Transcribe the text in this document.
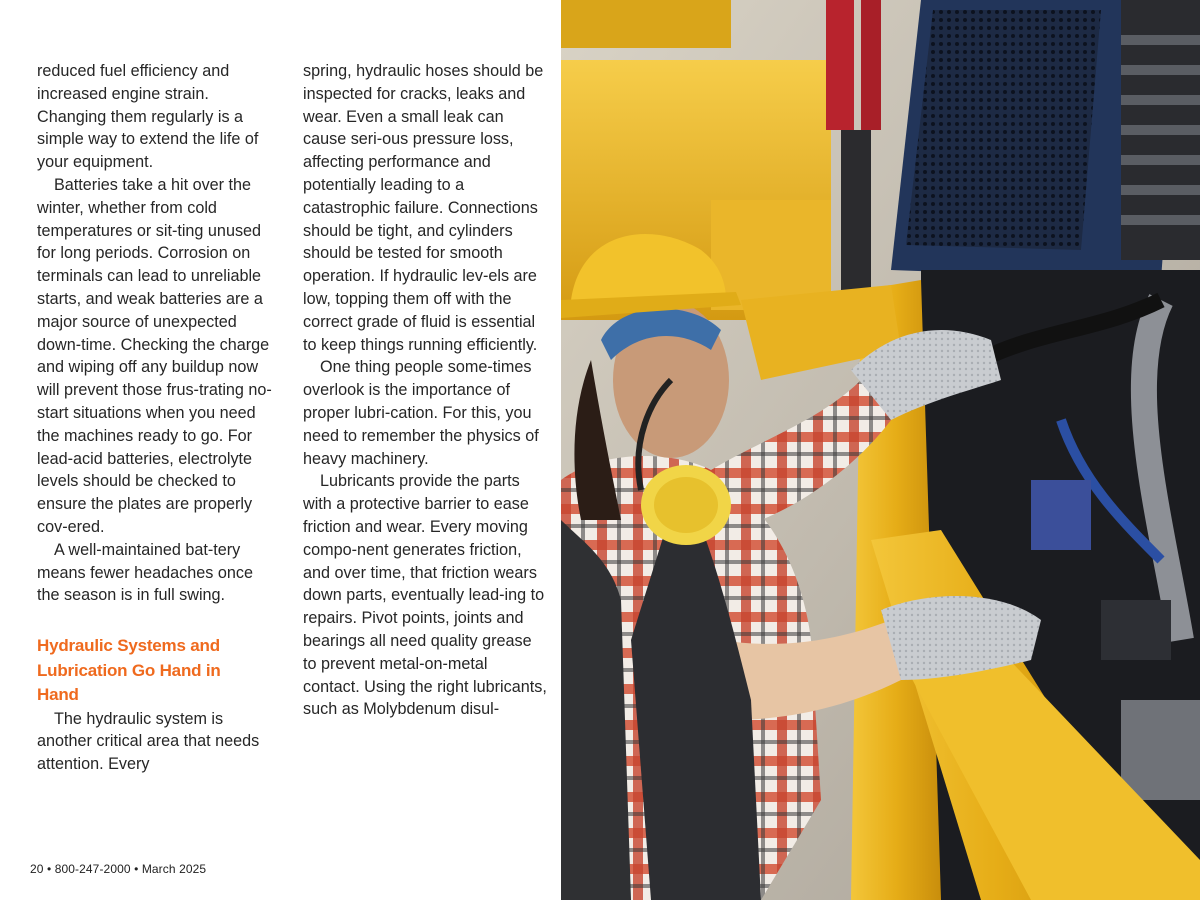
reduced fuel efficiency and increased engine strain. Changing them regularly is a simple way to extend the life of your equipment.

Batteries take a hit over the winter, whether from cold temperatures or sit-ting unused for long periods. Corrosion on terminals can lead to unreliable starts, and weak batteries are a major source of unexpected down-time. Checking the charge and wiping off any buildup now will prevent those frus-trating no-start situations when you need the machines ready to go. For lead-acid batteries, electrolyte levels should be checked to ensure the plates are properly cov-ered.

A well-maintained bat-tery means fewer headaches once the season is in full swing.

Hydraulic Systems and Lubrication Go Hand in Hand

The hydraulic system is another critical area that needs attention. Every

spring, hydraulic hoses should be inspected for cracks, leaks and wear. Even a small leak can cause seri-ous pressure loss, affecting performance and potentially leading to a catastrophic failure. Connections should be tight, and cylinders should be tested for smooth operation. If hydraulic lev-els are low, topping them off with the correct grade of fluid is essential to keep things running efficiently.

One thing people some-times overlook is the importance of proper lubri-cation. For this, you need to remember the physics of heavy machinery.

Lubricants provide the parts with a protective barrier to ease friction and wear. Every moving compo-nent generates friction, and over time, that friction wears down parts, eventually lead-ing to repairs. Pivot points, joints and bearings all need quality grease to prevent metal-on-metal contact. Using the right lubricants, such as Molybdenum disul-

20 • 800-247-2000 • March 2025
